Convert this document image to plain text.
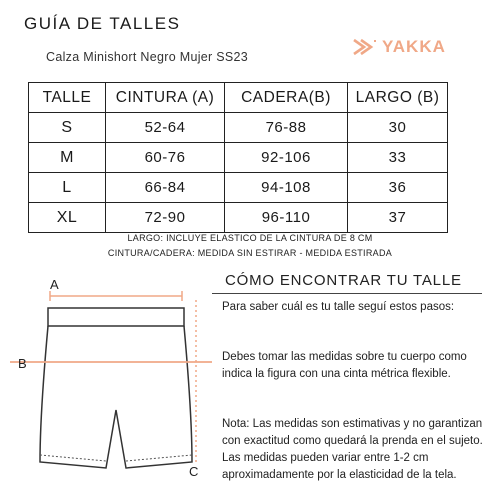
GUÍA DE TALLES
Calza Minishort Negro Mujer SS23
YAKKA
TALLE	CINTURA (A)	CADERA(B)	LARGO (B)
S	52-64	76-88	30
M	60-76	92-106	33
L	66-84	94-108	36
XL	72-90	96-110	37
LARGO: INCLUYE ELASTICO DE LA CINTURA DE 8 CM
CINTURA/CADERA: MEDIDA SIN ESTIRAR - MEDIDA ESTIRADA
A
B
C
CÓMO ENCONTRAR TU TALLE
Para saber cuál es tu talle seguí estos pasos:
Debes tomar las medidas sobre tu cuerpo como indica la figura con una cinta métrica flexible.
Nota: Las medidas son estimativas y no garantizan con exactitud como quedará la prenda en el sujeto. Las medidas pueden variar entre 1-2 cm aproximadamente por la elasticidad de la tela.
